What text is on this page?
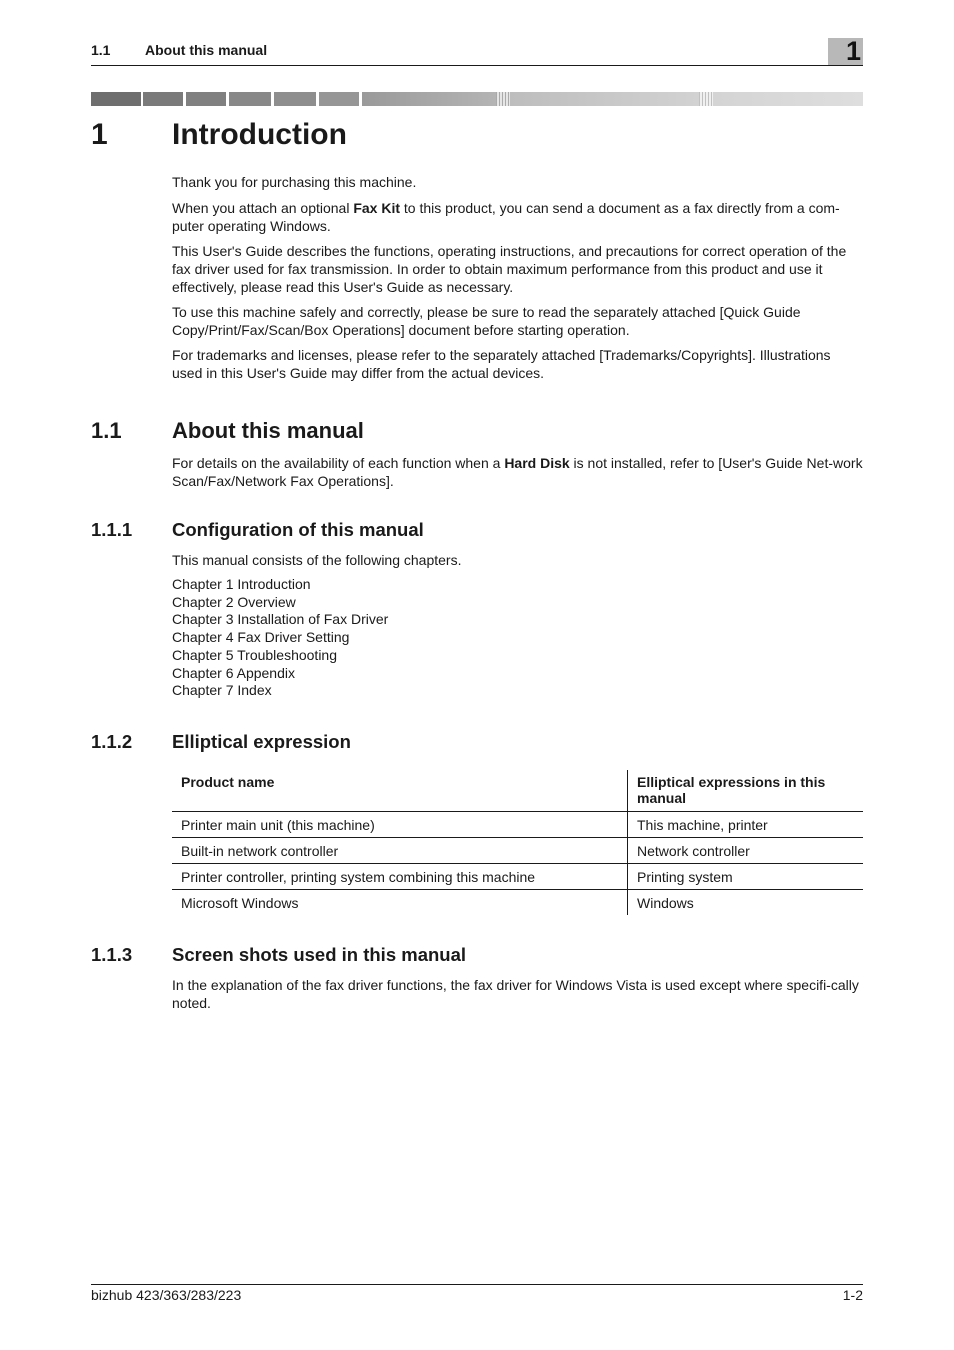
1.1 About this manual	1
1 Introduction
Thank you for purchasing this machine.
When you attach an optional Fax Kit to this product, you can send a document as a fax directly from a com-puter operating Windows.
This User's Guide describes the functions, operating instructions, and precautions for correct operation of the fax driver used for fax transmission. In order to obtain maximum performance from this product and use it effectively, please read this User's Guide as necessary.
To use this machine safely and correctly, please be sure to read the separately attached [Quick Guide Copy/Print/Fax/Scan/Box Operations] document before starting operation.
For trademarks and licenses, please refer to the separately attached [Trademarks/Copyrights]. Illustrations used in this User's Guide may differ from the actual devices.
1.1 About this manual
For details on the availability of each function when a Hard Disk is not installed, refer to [User's Guide Net-work Scan/Fax/Network Fax Operations].
1.1.1 Configuration of this manual
This manual consists of the following chapters.
Chapter 1 Introduction
Chapter 2 Overview
Chapter 3 Installation of Fax Driver
Chapter 4 Fax Driver Setting
Chapter 5 Troubleshooting
Chapter 6 Appendix
Chapter 7 Index
1.1.2 Elliptical expression
Product name	Elliptical expressions in this manual
Printer main unit (this machine)	This machine, printer
Built-in network controller	Network controller
Printer controller, printing system combining this machine	Printing system
Microsoft Windows	Windows
1.1.3 Screen shots used in this manual
In the explanation of the fax driver functions, the fax driver for Windows Vista is used except where specifi-cally noted.
bizhub 423/363/283/223	1-2
